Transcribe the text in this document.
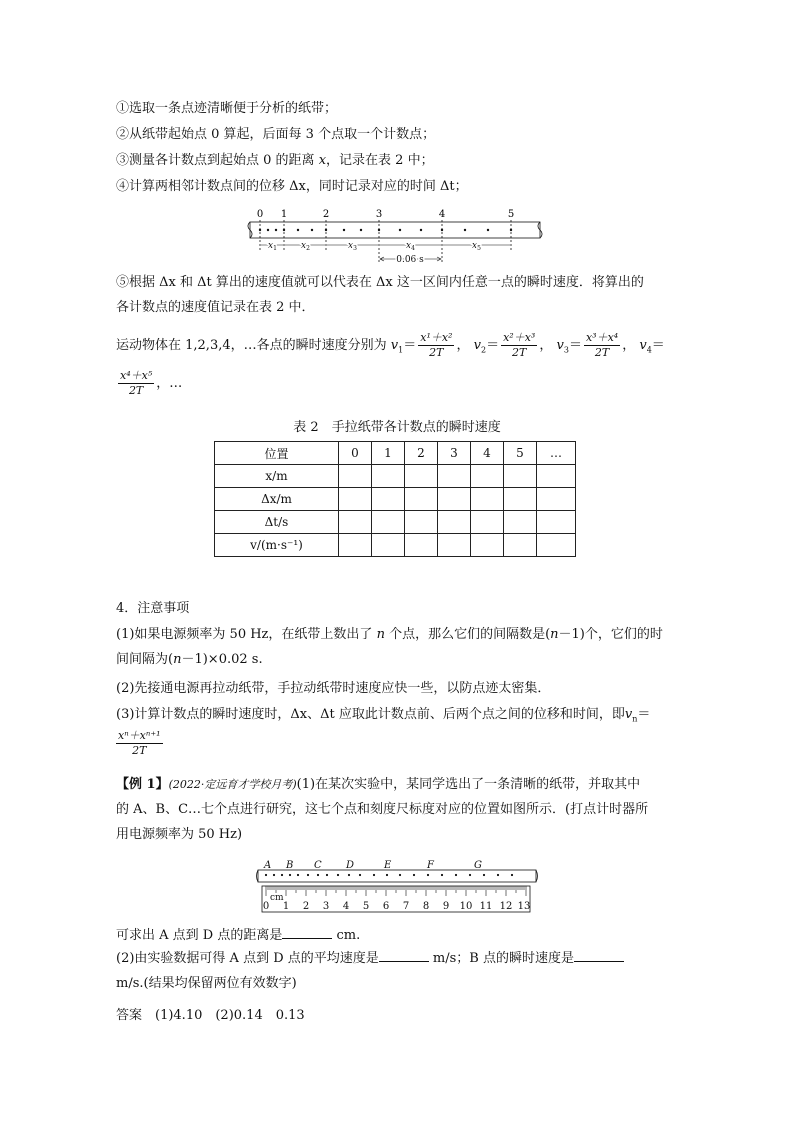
①选取一条点迹清晰便于分析的纸带；
②从纸带起始点 0 算起，后面每 3 个点取一个计数点；
③测量各计数点到起始点 0 的距离 x，记录在表 2 中；
④计算两相邻计数点间的位移 Δx，同时记录对应的时间 Δt；
0 1	2	3	4	5
$x_1$	$x_2$	$x_3$	$x_4$	$x_5$
0.06 s
⑤根据 Δx 和 Δt 算出的速度值就可以代表在 Δx 这一区间内任意一点的瞬时速度．将算出的
各计数点的速度值记录在表 2 中．
运动物体在 1,2,3,4，…各点的瞬时速度分别为 $v_1= \frac{\text{x¹＋x²}}{2T}$ ， $v_2= \frac{\text{x²＋x³}}{2T}$ ， $v_3= \frac{\text{x³＋x⁴}}{2T}$ ， $v_4=$
$\frac{\text{x⁴＋x⁵}}{2T}$ ，…
表 2　手拉纸带各计数点的瞬时速度
位置	0	1	2	3	4	5	…
x/m							
Δx/m							
Δt/s							
v/(m·s⁻¹)							
4．注意事项
(1)如果电源频率为 50 Hz，在纸带上数出了 n 个点，那么它们的间隔数是(n－1)个，它们的时
间间隔为(n－1)×0.02 s.
(2)先接通电源再拉动纸带，手拉动纸带时速度应快一些，以防点迹太密集．
(3)计算计数点的瞬时速度时，Δx、Δt 应取此计数点前、后两个点之间的位移和时间，即$v_n=$
$\frac{\text{xⁿ＋xⁿ⁺¹}}{2T}$
【例 1】(2022·定远育才学校月考)(1)在某次实验中，某同学选出了一条清晰的纸带，并取其中
的 A、B、C…七个点进行研究，这七个点和刻度尺标度对应的位置如图所示．(打点计时器所
用电源频率为 50 Hz)
A B C D	E	F	G
0 1 2 3 4 5 6 7 8 9 10 11 12 13
cm
可求出 A 点到 D 点的距离是	cm.
(2)由实验数据可得 A 点到 D 点的平均速度是	m/s；B 点的瞬时速度是
m/s.(结果均保留两位有效数字)
答案　(1)4.10　(2)0.14　0.13
